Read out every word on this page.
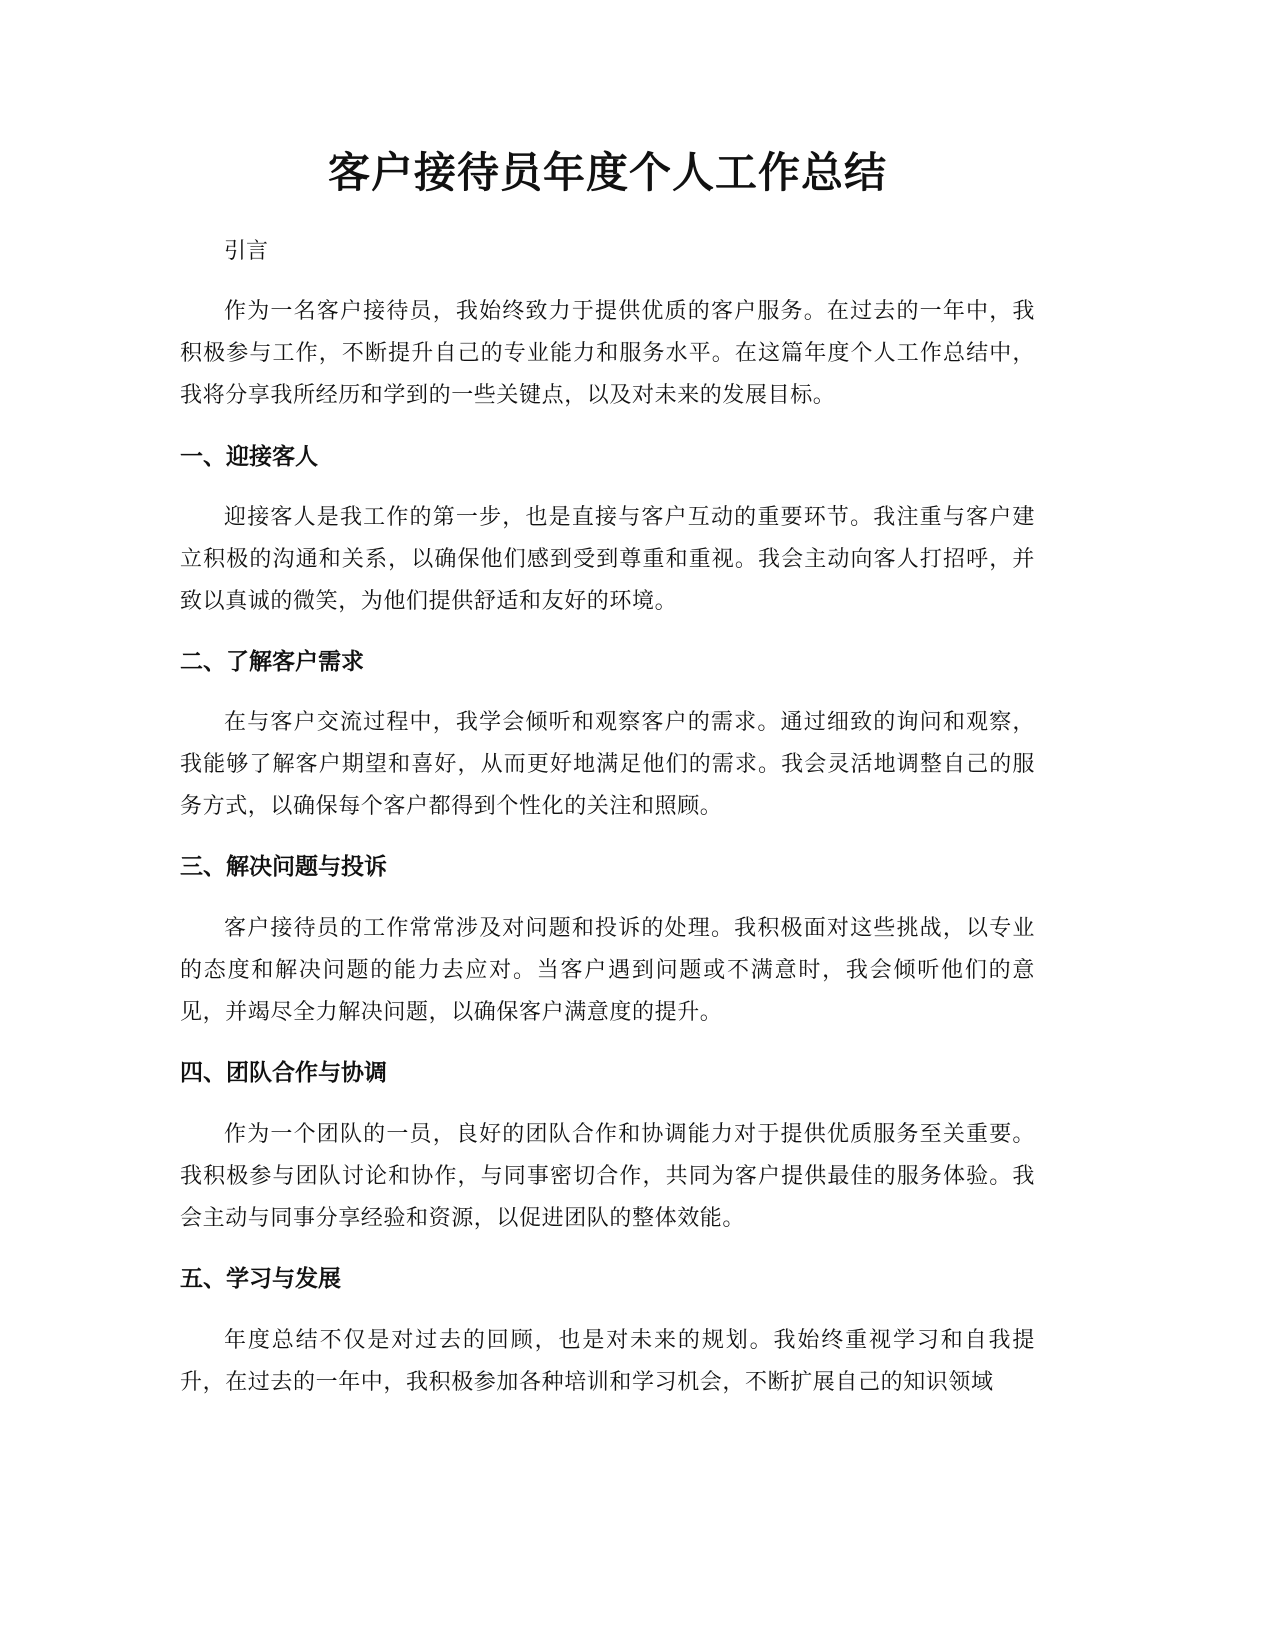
客户接待员年度个人工作总结

引言

作为一名客户接待员，我始终致力于提供优质的客户服务。在过去的一年中，我积极参与工作，不断提升自己的专业能力和服务水平。在这篇年度个人工作总结中，我将分享我所经历和学到的一些关键点，以及对未来的发展目标。

一、迎接客人

迎接客人是我工作的第一步，也是直接与客户互动的重要环节。我注重与客户建立积极的沟通和关系，以确保他们感到受到尊重和重视。我会主动向客人打招呼，并致以真诚的微笑，为他们提供舒适和友好的环境。

二、了解客户需求

在与客户交流过程中，我学会倾听和观察客户的需求。通过细致的询问和观察，我能够了解客户期望和喜好，从而更好地满足他们的需求。我会灵活地调整自己的服务方式，以确保每个客户都得到个性化的关注和照顾。

三、解决问题与投诉

客户接待员的工作常常涉及对问题和投诉的处理。我积极面对这些挑战，以专业的态度和解决问题的能力去应对。当客户遇到问题或不满意时，我会倾听他们的意见，并竭尽全力解决问题，以确保客户满意度的提升。

四、团队合作与协调

作为一个团队的一员，良好的团队合作和协调能力对于提供优质服务至关重要。我积极参与团队讨论和协作，与同事密切合作，共同为客户提供最佳的服务体验。我会主动与同事分享经验和资源，以促进团队的整体效能。

五、学习与发展

年度总结不仅是对过去的回顾，也是对未来的规划。我始终重视学习和自我提升，在过去的一年中，我积极参加各种培训和学习机会，不断扩展自己的知识领域
